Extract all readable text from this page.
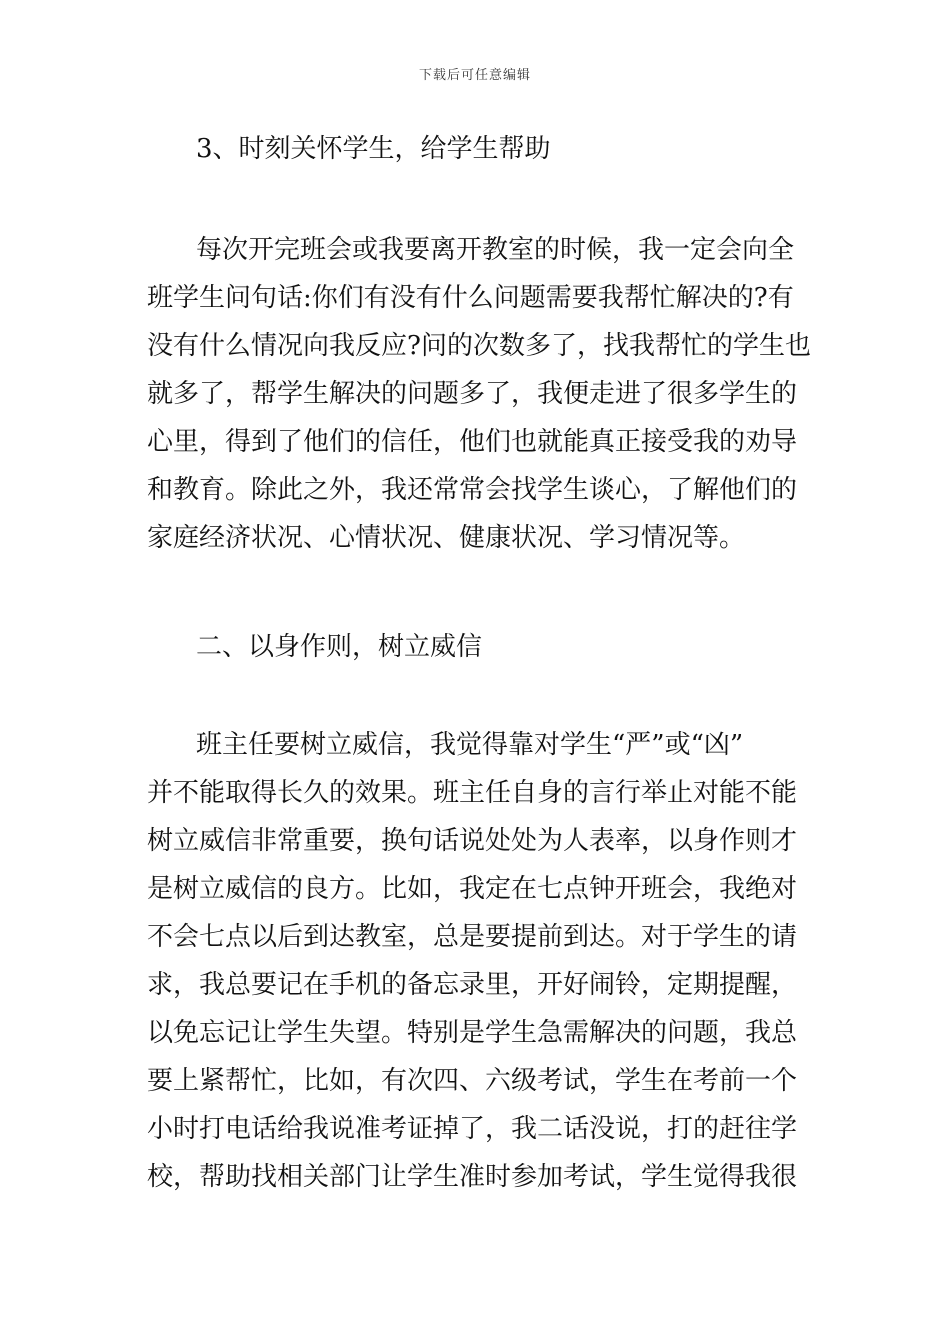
下载后可任意编辑
3、时刻关怀学生，给学生帮助
每次开完班会或我要离开教室的时候，我一定会向全
班学生问句话:你们有没有什么问题需要我帮忙解决的?有
没有什么情况向我反应?问的次数多了，找我帮忙的学生也
就多了，帮学生解决的问题多了，我便走进了很多学生的
心里，得到了他们的信任，他们也就能真正接受我的劝导
和教育。除此之外，我还常常会找学生谈心，了解他们的
家庭经济状况、心情状况、健康状况、学习情况等。
二、以身作则，树立威信
班主任要树立威信，我觉得靠对学生“严”或“凶”
并不能取得长久的效果。班主任自身的言行举止对能不能
树立威信非常重要，换句话说处处为人表率，以身作则才
是树立威信的良方。比如，我定在七点钟开班会，我绝对
不会七点以后到达教室，总是要提前到达。对于学生的请
求，我总要记在手机的备忘录里，开好闹铃，定期提醒，
以免忘记让学生失望。特别是学生急需解决的问题，我总
要上紧帮忙，比如，有次四、六级考试，学生在考前一个
小时打电话给我说准考证掉了，我二话没说，打的赶往学
校，帮助找相关部门让学生准时参加考试，学生觉得我很
